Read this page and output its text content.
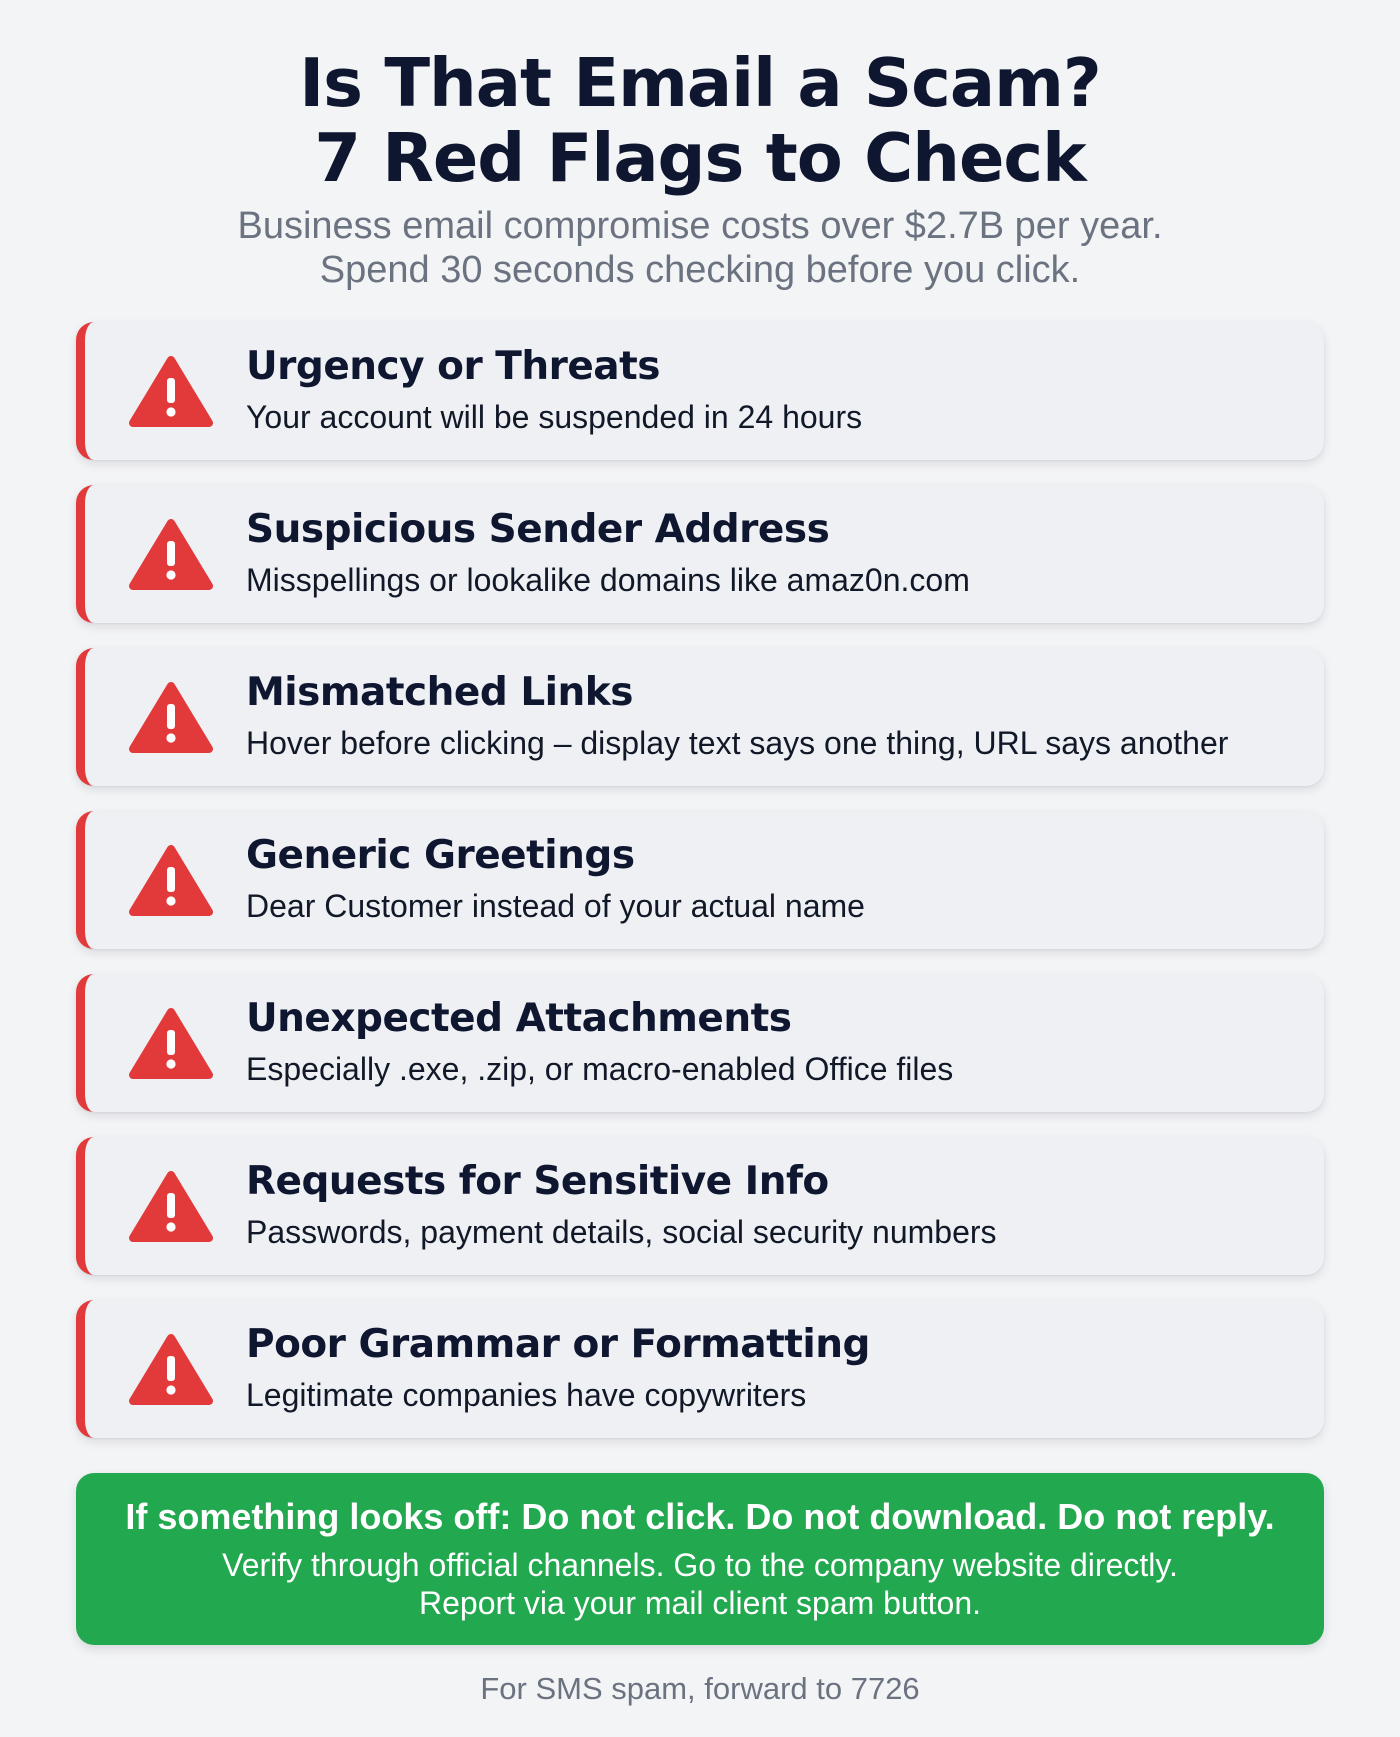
Is That Email a Scam?
7 Red Flags to Check
Business email compromise costs over $2.7B per year.
Spend 30 seconds checking before you click.
Urgency or Threats
Your account will be suspended in 24 hours
Suspicious Sender Address
Misspellings or lookalike domains like amaz0n.com
Mismatched Links
Hover before clicking – display text says one thing, URL says another
Generic Greetings
Dear Customer instead of your actual name
Unexpected Attachments
Especially .exe, .zip, or macro-enabled Office files
Requests for Sensitive Info
Passwords, payment details, social security numbers
Poor Grammar or Formatting
Legitimate companies have copywriters
If something looks off: Do not click. Do not download. Do not reply.
Verify through official channels. Go to the company website directly.
Report via your mail client spam button.
For SMS spam, forward to 7726
